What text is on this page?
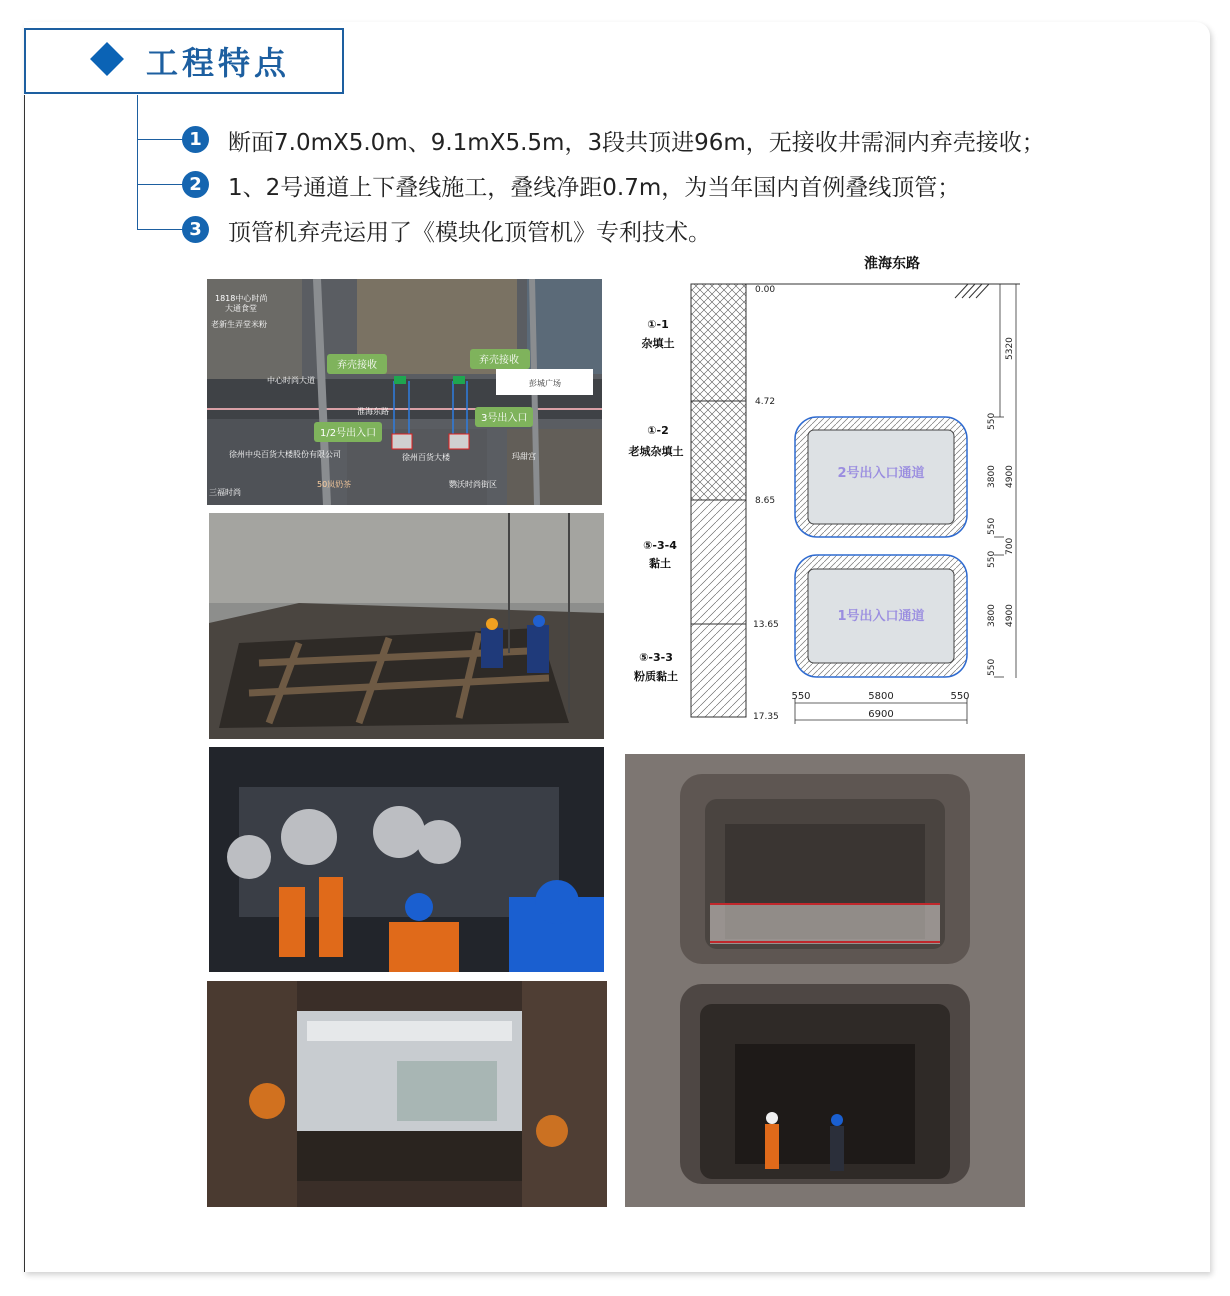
工程特点
1
2
3
断面7.0mX5.0m、9.1mX5.5m，3段共顶进96m，无接收井需洞内弃壳接收；
1、2号通道上下叠线施工，叠线净距0.7m，为当年国内首例叠线顶管；
顶管机弃壳运用了《模块化顶管机》专利技术。
弃壳接收	弃壳接收
彭城广场
3号出入口
1/2号出入口
1818中心时尚
大通食堂
老新生弄堂米粉
中心时尚大道
徐州中央百货大楼股份有限公司
50岚奶茶
三福时尚
徐州百货大楼
鹦沃时尚街区
玛甜宫
淮海东路
淮海东路
①-1
杂填土
①-2
老城杂填土
⑤-3-4
黏土
⑤-3-3
粉质黏土
0.00
4.72
8.65
13.65
17.35
2号出入口通道
1号出入口通道
5320
550
3800 4900
550
700
550
3800 4900
550
550	5800	550
6900
